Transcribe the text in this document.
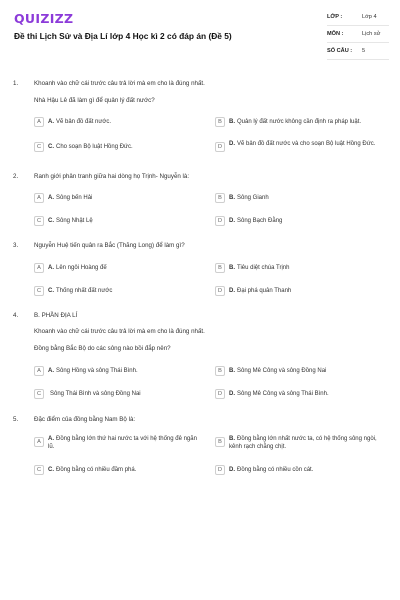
QUIZIZZ
Đề thi Lịch Sử và Địa Lí lớp 4 Học kì 2 có đáp án (Đề 5)
LỚP :	Lớp 4
MÔN :	Lịch sử
SỐ CÂU :	5
1.	Khoanh vào chữ cái trước câu trả lời mà em cho là đúng nhất.
Nhà Hậu Lê đã làm gì để quản lý đất nước?
A	A. Vẽ bản đồ đất nước.	B	B. Quản lý đất nước không cần định ra pháp luật.
C	C. Cho soạn Bộ luật Hồng Đức.	D	D. Vẽ bản đồ đất nước và cho soạn Bộ luật Hồng Đức.
2.	Ranh giới phân tranh giữa hai dòng họ Trịnh- Nguyễn là:
A	A. Sông bến Hải	B	B. Sông Gianh
C	C. Sông Nhật Lệ	D	D. Sông Bạch Đằng
3.	Nguyễn Huệ tiến quân ra Bắc (Thăng Long) để làm gì?
A	A. Lên ngôi Hoàng đế	B	B. Tiêu diệt chúa Trịnh
C	C. Thống nhất đất nước	D	D. Đại phá quân Thanh
4.	B. PHẦN ĐỊA LÍ
Khoanh vào chữ cái trước câu trả lời mà em cho là đúng nhất.
Đồng bằng Bắc Bộ do các sông nào bồi đắp nên?
A	A. Sông Hồng và sông Thái Bình.	B	B. Sông Mê Công và sông Đồng Nai
C	Sông Thái Bình và sông Đồng Nai	D	D. Sông Mê Công và sông Thái Bình.
5.	Đặc điểm của đồng bằng Nam Bộ là:
A	A. Đồng bằng lớn thứ hai nước ta với hệ thống đê ngăn lũ.
B	B. Đồng bằng lớn nhất nước ta, có hệ thống sông ngòi, kênh rạch chằng chịt.
C	C. Đồng bằng có nhiều đầm phá.	D	D. Đồng bằng có nhiều cồn cát.
